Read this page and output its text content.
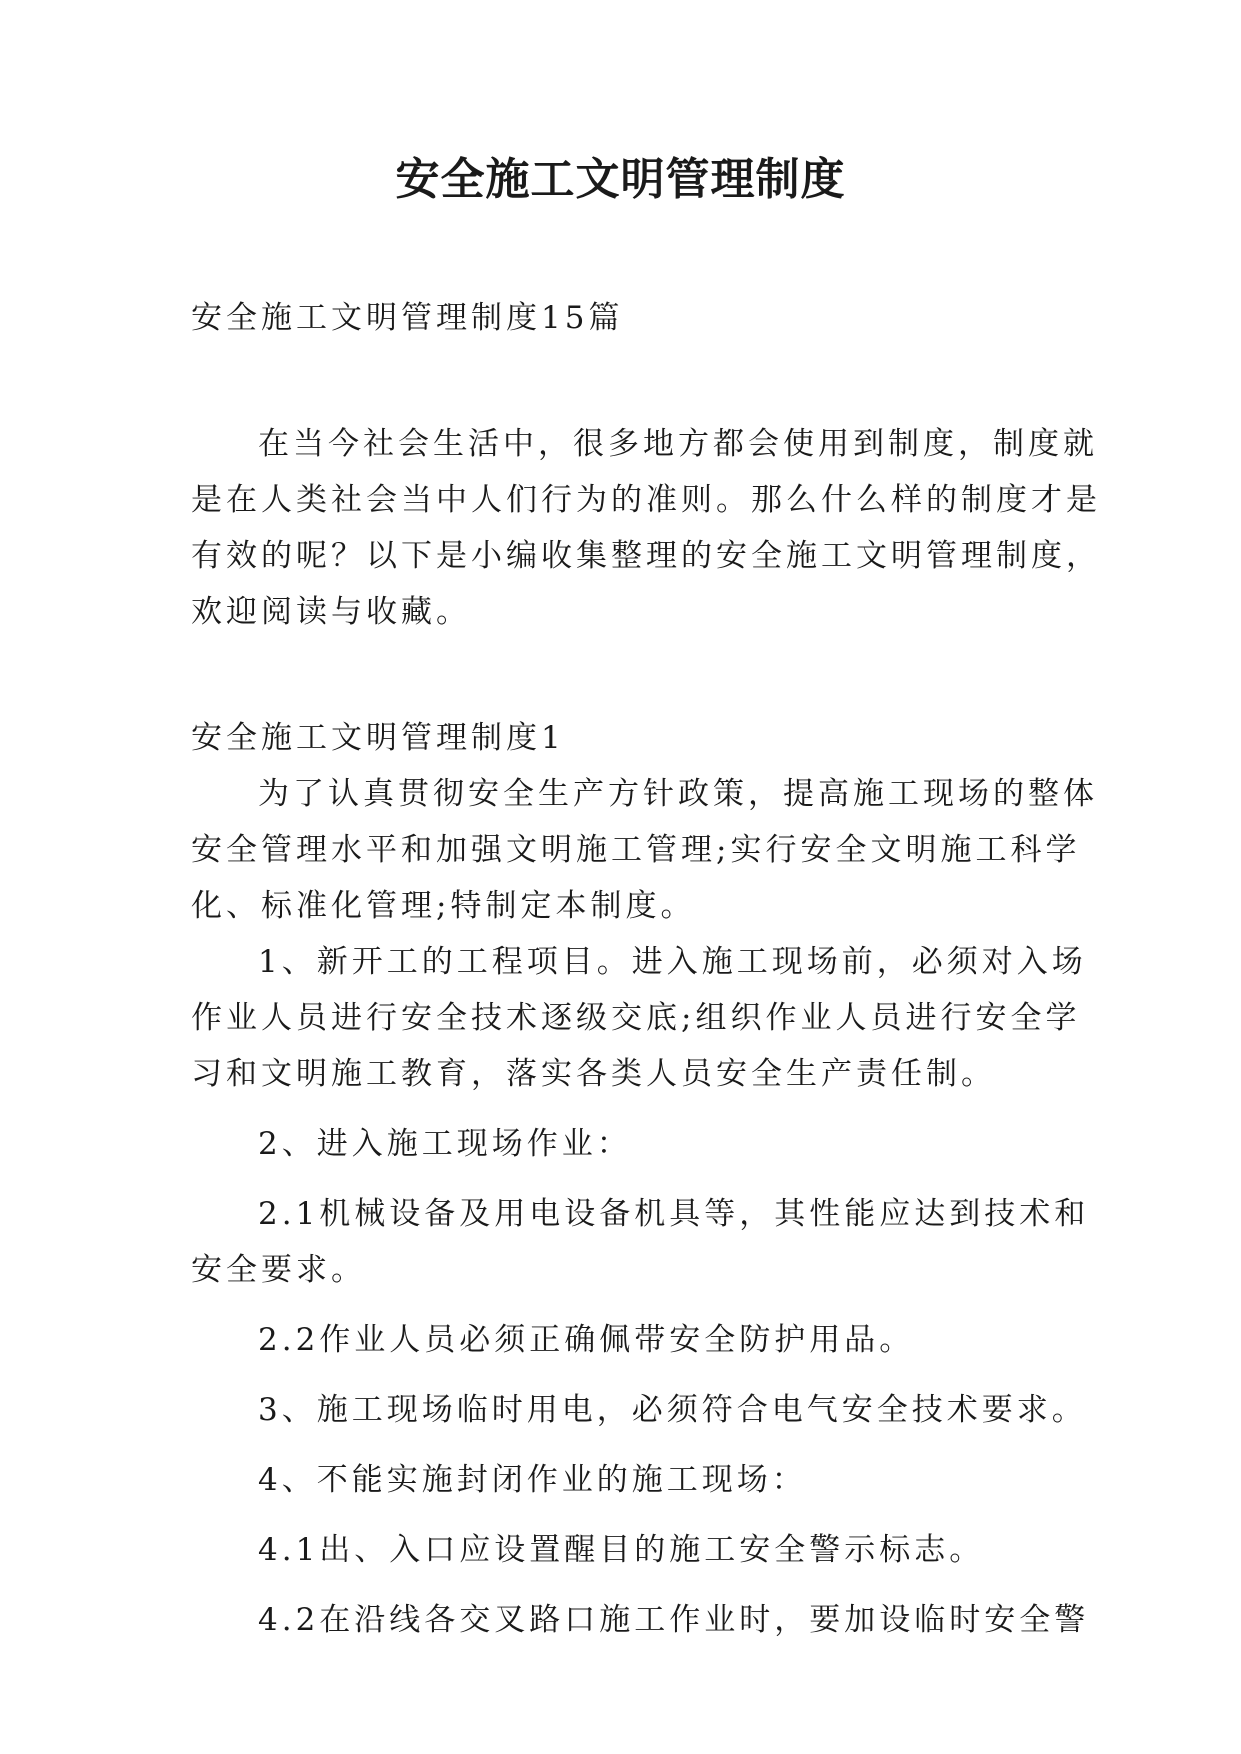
安全施工文明管理制度
安全施工文明管理制度15篇
在当今社会生活中，很多地方都会使用到制度，制度就
是在人类社会当中人们行为的准则。那么什么样的制度才是
有效的呢？以下是小编收集整理的安全施工文明管理制度，
欢迎阅读与收藏。
安全施工文明管理制度1
为了认真贯彻安全生产方针政策，提高施工现场的整体
安全管理水平和加强文明施工管理;实行安全文明施工科学
化、标准化管理;特制定本制度。
1、新开工的工程项目。进入施工现场前，必须对入场
作业人员进行安全技术逐级交底;组织作业人员进行安全学
习和文明施工教育，落实各类人员安全生产责任制。
2、进入施工现场作业：
2.1机械设备及用电设备机具等，其性能应达到技术和
安全要求。
2.2作业人员必须正确佩带安全防护用品。
3、施工现场临时用电，必须符合电气安全技术要求。
4、不能实施封闭作业的施工现场：
4.1出、入口应设置醒目的施工安全警示标志。
4.2在沿线各交叉路口施工作业时，要加设临时安全警
